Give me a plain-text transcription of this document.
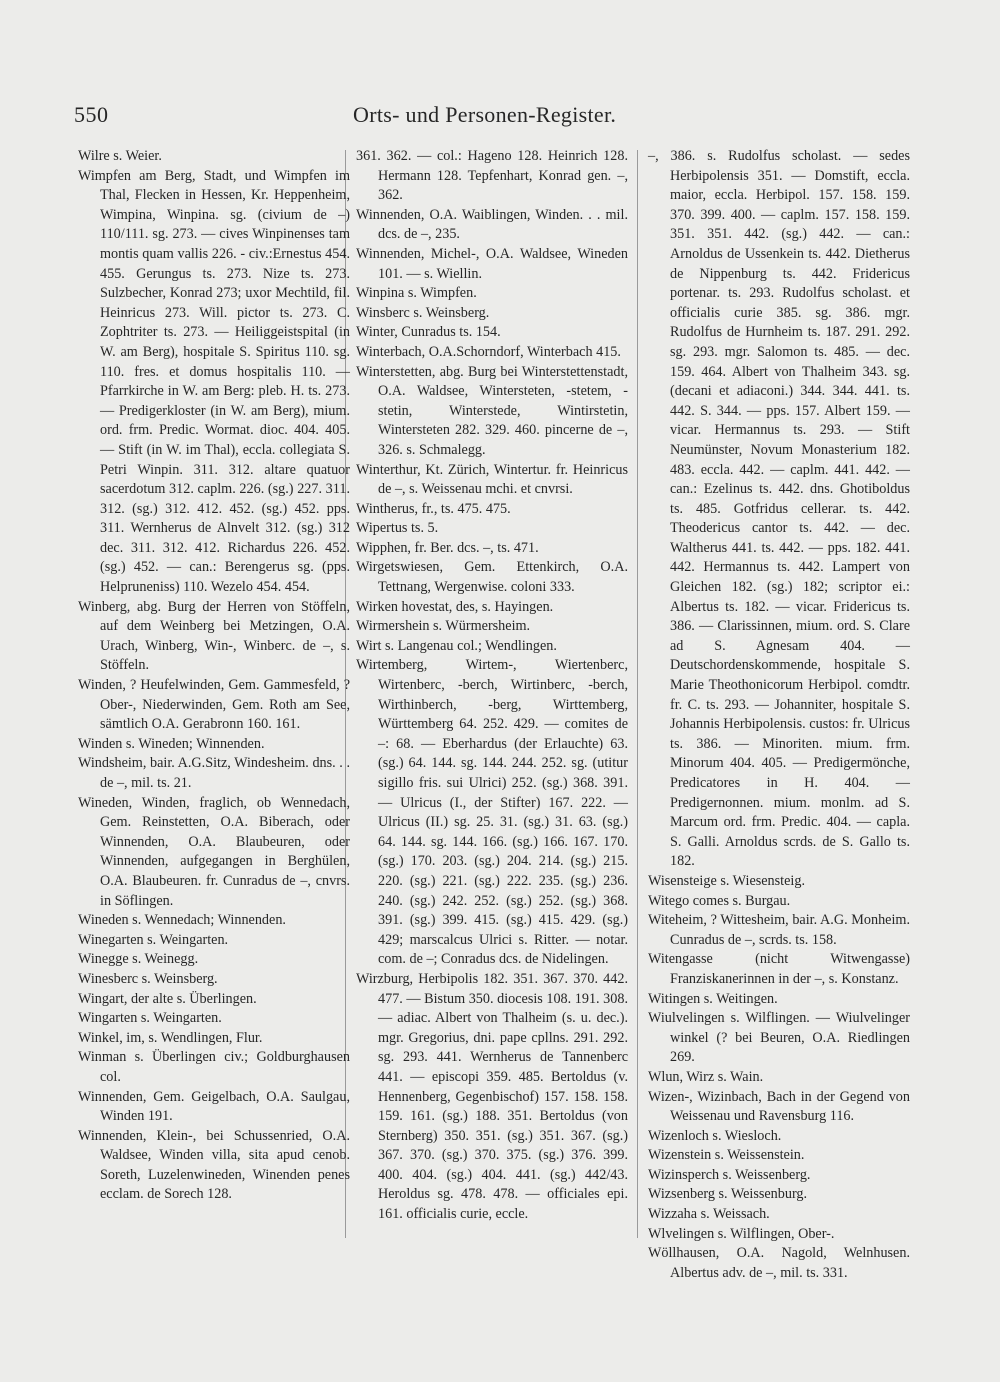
550	Orts- und Personen-Register.

Wilre s. Weier.

Wimpfen am Berg, Stadt, und Wimpfen im Thal, Flecken in Hessen, Kr. Heppenheim, Wimpina, Winpina. sg. (civium de –) 110/111. sg. 273. — cives Winpinenses tam montis quam vallis 226. - civ.:Ernestus 454. 455. Gerungus ts. 273. Nize ts. 273. Sulzbecher, Konrad 273; uxor Mechtild, fil. Heinricus 273. Will. pictor ts. 273. C. Zophtriter ts. 273. — Heiliggeistspital (in W. am Berg), hospitale S. Spiritus 110. sg. 110. fres. et domus hospitalis 110. — Pfarrkirche in W. am Berg: pleb. H. ts. 273. — Predigerkloster (in W. am Berg), mium. ord. frm. Predic. Wormat. dioc. 404. 405. — Stift (in W. im Thal), eccla. collegiata S. Petri Winpin. 311. 312. altare quatuor sacerdotum 312. caplm. 226. (sg.) 227. 311. 312. (sg.) 312. 412. 452. (sg.) 452. pps. 311. Wernherus de Alnvelt 312. (sg.) 312 dec. 311. 312. 412. Richardus 226. 452. (sg.) 452. — can.: Berengerus sg. (pps. Helpruneniss) 110. Wezelo 454. 454.

Winberg, abg. Burg der Herren von Stöffeln, auf dem Weinberg bei Metzingen, O.A. Urach, Winberg, Win-, Winberc. de –, s. Stöffeln.

Winden, ? Heufelwinden, Gem. Gammesfeld, ? Ober-, Niederwinden, Gem. Roth am See, sämtlich O.A. Gerabronn 160. 161.

Winden s. Wineden; Winnenden.

Windsheim, bair. A.G.Sitz, Windesheim. dns. . . de –, mil. ts. 21.

Wineden, Winden, fraglich, ob Wennedach, Gem. Reinstetten, O.A. Biberach, oder Winnenden, O.A. Blaubeuren, oder Winnenden, aufgegangen in Berghülen, O.A. Blaubeuren. fr. Cunradus de –, cnvrs. in Söflingen.

Wineden s. Wennedach; Winnenden.

Winegarten s. Weingarten.

Winegge s. Weinegg.

Winesberc s. Weinsberg.

Wingart, der alte s. Überlingen.

Wingarten s. Weingarten.

Winkel, im, s. Wendlingen, Flur.

Winman s. Überlingen civ.; Goldburghausen col.

Winnenden, Gem. Geigelbach, O.A. Saulgau, Winden 191.

Winnenden, Klein-, bei Schussenried, O.A. Waldsee, Winden villa, sita apud cenob. Soreth, Luzelenwineden, Winenden penes ecclam. de Sorech 128.

361. 362. — col.: Hageno 128. Heinrich 128. Hermann 128. Tepfenhart, Konrad gen. –, 362.

Winnenden, O.A. Waiblingen, Winden. . . mil. dcs. de –, 235.

Winnenden, Michel-, O.A. Waldsee, Wineden 101. — s. Wiellin.

Winpina s. Wimpfen.

Winsberc s. Weinsberg.

Winter, Cunradus ts. 154.

Winterbach, O.A.Schorndorf, Winterbach 415.

Winterstetten, abg. Burg bei Winterstettenstadt, O.A. Waldsee, Wintersteten, -stetem, -stetin, Winterstede, Wintirstetin, Wintersteten 282. 329. 460. pincerne de –, 326. s. Schmalegg.

Winterthur, Kt. Zürich, Wintertur. fr. Heinricus de –, s. Weissenau mchi. et cnvrsi.

Wintherus, fr., ts. 475. 475.

Wipertus ts. 5.

Wipphen, fr. Ber. dcs. –, ts. 471.

Wirgetswiesen, Gem. Ettenkirch, O.A. Tettnang, Wergenwise. coloni 333.

Wirken hovestat, des, s. Hayingen.

Wirmershein s. Würmersheim.

Wirt s. Langenau col.; Wendlingen.

Wirtemberg, Wirtem-, Wiertenberc, Wirtenberc, -berch, Wirtinberc, -berch, Wirthinberch, -berg, Wirttemberg, Württemberg 64. 252. 429. — comites de –: 68. — Eberhardus (der Erlauchte) 63. (sg.) 64. 144. sg. 144. 244. 252. sg. (utitur sigillo fris. sui Ulrici) 252. (sg.) 368. 391. — Ulricus (I., der Stifter) 167. 222. — Ulricus (II.) sg. 25. 31. (sg.) 31. 63. (sg.) 64. 144. sg. 144. 166. (sg.) 166. 167. 170. (sg.) 170. 203. (sg.) 204. 214. (sg.) 215. 220. (sg.) 221. (sg.) 222. 235. (sg.) 236. 240. (sg.) 242. 252. (sg.) 252. (sg.) 368. 391. (sg.) 399. 415. (sg.) 415. 429. (sg.) 429; marscalcus Ulrici s. Ritter. — notar. com. de –; Conradus dcs. de Nidelingen.

Wirzburg, Herbipolis 182. 351. 367. 370. 442. 477. — Bistum 350. diocesis 108. 191. 308. — adiac. Albert von Thalheim (s. u. dec.). mgr. Gregorius, dni. pape cpllns. 291. 292. sg. 293. 441. Wernherus de Tannenberc 441. — episcopi 359. 485. Bertoldus (v. Hennenberg, Gegenbischof) 157. 158. 158. 159. 161. (sg.) 188. 351. Bertoldus (von Sternberg) 350. 351. (sg.) 351. 367. (sg.) 367. 370. (sg.) 370. 375. (sg.) 376. 399. 400. 404. (sg.) 404. 441. (sg.) 442/43. Heroldus sg. 478. 478. — officiales epi. 161. officialis curie, eccle.

–, 386. s. Rudolfus scholast. — sedes Herbipolensis 351. — Domstift, eccla. maior, eccla. Herbipol. 157. 158. 159. 370. 399. 400. — caplm. 157. 158. 159. 351. 351. 442. (sg.) 442. — can.: Arnoldus de Ussenkein ts. 442. Dietherus de Nippenburg ts. 442. Fridericus portenar. ts. 293. Rudolfus scholast. et officialis curie 385. sg. 386. mgr. Rudolfus de Hurnheim ts. 187. 291. 292. sg. 293. mgr. Salomon ts. 485. — dec. 159. 464. Albert von Thalheim 343. sg. (decani et adiaconi.) 344. 344. 441. ts. 442. S. 344. — pps. 157. Albert 159. — vicar. Hermannus ts. 293. — Stift Neumünster, Novum Monasterium 182. 483. eccla. 442. — caplm. 441. 442. — can.: Ezelinus ts. 442. dns. Ghotiboldus ts. 485. Gotfridus cellerar. ts. 442. Theodericus cantor ts. 442. — dec. Waltherus 441. ts. 442. — pps. 182. 441. 442. Hermannus ts. 442. Lampert von Gleichen 182. (sg.) 182; scriptor ei.: Albertus ts. 182. — vicar. Fridericus ts. 386. — Clarissinnen, mium. ord. S. Clare ad S. Agnesam 404. — Deutschordenskommende, hospitale S. Marie Theothonicorum Herbipol. comdtr. fr. C. ts. 293. — Johanniter, hospitale S. Johannis Herbipolensis. custos: fr. Ulricus ts. 386. — Minoriten. mium. frm. Minorum 404. 405. — Predigermönche, Predicatores in H. 404. — Predigernonnen. mium. monlm. ad S. Marcum ord. frm. Predic. 404. — capla. S. Galli. Arnoldus scrds. de S. Gallo ts. 182.

Wisensteige s. Wiesensteig.

Witego comes s. Burgau.

Witeheim, ? Wittesheim, bair. A.G. Monheim. Cunradus de –, scrds. ts. 158.

Witengasse (nicht Witwengasse) Franziskanerinnen in der –, s. Konstanz.

Witingen s. Weitingen.

Wiulvelingen s. Wilflingen. — Wiulvelinger winkel (? bei Beuren, O.A. Riedlingen 269.

Wlun, Wirz s. Wain.

Wizen-, Wizinbach, Bach in der Gegend von Weissenau und Ravensburg 116.

Wizenloch s. Wiesloch.

Wizenstein s. Weissenstein.

Wizinsperch s. Weissenberg.

Wizsenberg s. Weissenburg.

Wizzaha s. Weissach.

Wlvelingen s. Wilflingen, Ober-.

Wöllhausen, O.A. Nagold, Welnhusen. Albertus adv. de –, mil. ts. 331.
